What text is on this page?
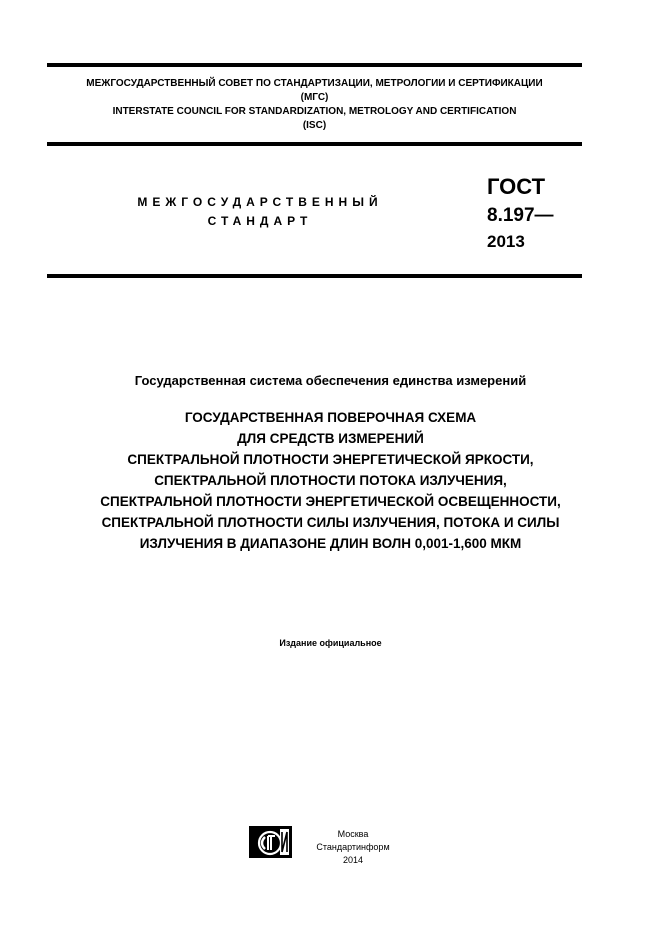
МЕЖГОСУДАРСТВЕННЫЙ СОВЕТ ПО СТАНДАРТИЗАЦИИ, МЕТРОЛОГИИ И СЕРТИФИКАЦИИ
(МГС)
INTERSTATE COUNCIL FOR STANDARDIZATION, METROLOGY AND CERTIFICATION
(ISC)
МЕЖГОСУДАРСТВЕННЫЙ
СТАНДАРТ
ГОСТ
8.197—
2013
Государственная система обеспечения единства измерений
ГОСУДАРСТВЕННАЯ ПОВЕРОЧНАЯ СХЕМА
ДЛЯ СРЕДСТВ ИЗМЕРЕНИЙ
СПЕКТРАЛЬНОЙ ПЛОТНОСТИ ЭНЕРГЕТИЧЕСКОЙ ЯРКОСТИ,
СПЕКТРАЛЬНОЙ ПЛОТНОСТИ ПОТОКА ИЗЛУЧЕНИЯ,
СПЕКТРАЛЬНОЙ ПЛОТНОСТИ ЭНЕРГЕТИЧЕСКОЙ ОСВЕЩЕННОСТИ,
СПЕКТРАЛЬНОЙ ПЛОТНОСТИ СИЛЫ ИЗЛУЧЕНИЯ, ПОТОКА И СИЛЫ
ИЗЛУЧЕНИЯ В ДИАПАЗОНЕ ДЛИН ВОЛН 0,001-1,600 МКМ
Издание официальное
Москва
Стандартинформ
2014
